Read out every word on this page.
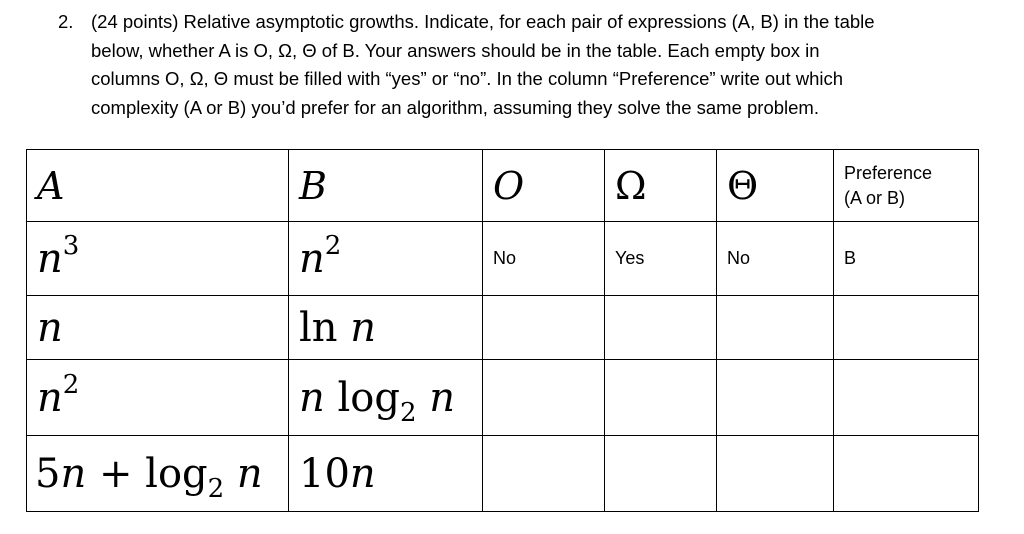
2. (24 points) Relative asymptotic growths. Indicate, for each pair of expressions (A, B) in the table
below, whether A is O, Ω, Θ of B. Your answers should be in the table. Each empty box in
columns O, Ω, Θ must be filled with “yes” or “no”. In the column “Preference” write out which
complexity (A or B) you’d prefer for an algorithm, assuming they solve the same problem.
A	B	O	Ω	Θ	Preference
(A or B)

$n^3$	$n^2$	No	Yes	No	B
n	ln n				
$n^2$	n $\log_2 n$				
$5n + \log_2 n$	10n				
